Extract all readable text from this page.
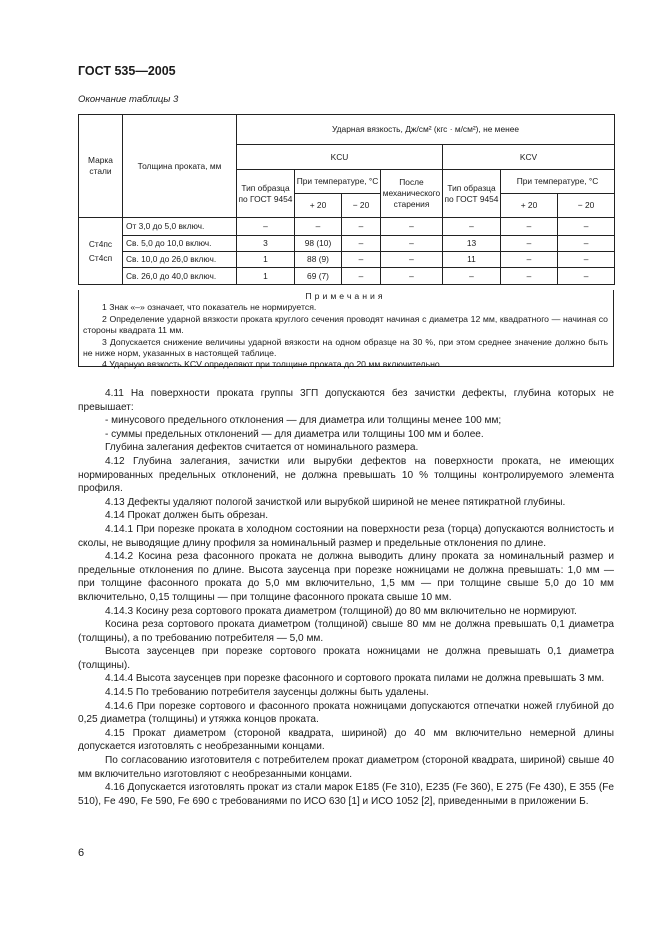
ГОСТ 535—2005
Окончание таблицы 3
Марка стали	Толщина проката, мм	Ударная вязкость, Дж/см² (кгс · м/см²), не менее						
		KCU				KCV		
		Тип образца по ГОСТ 9454	При температуре, °С		После механического старения	Тип образца по ГОСТ 9454	При температуре, °С	
			+ 20	− 20			+ 20	− 20
Ст4пс Ст4сп	От 3,0 до 5,0 включ.	–	–	–	–	–	–	–
	Св. 5,0 до 10,0 включ.	3	98 (10)	–	–	13	–	–
	Св. 10,0 до 26,0 включ.	1	88 (9)	–	–	11	–	–
	Св. 26,0 до 40,0 включ.	1	69 (7)	–	–	–	–	–
Примечания

1 Знак «–» означает, что показатель не нормируется.

2 Определение ударной вязкости проката круглого сечения проводят начиная с диаметра 12 мм, квадратного — начиная со стороны квадрата 11 мм.

3 Допускается снижение величины ударной вязкости на одном образце на 30 %, при этом среднее значение должно быть не ниже норм, указанных в настоящей таблице.

4 Ударную вязкость KCV определяют при толщине проката до 20 мм включительно.

4.11 На поверхности проката группы 3ГП допускаются без зачистки дефекты, глубина которых не превышает:

- минусового предельного отклонения — для диаметра или толщины менее 100 мм;

- суммы предельных отклонений — для диаметра или толщины 100 мм и более.

Глубина залегания дефектов считается от номинального размера.

4.12 Глубина залегания, зачистки или вырубки дефектов на поверхности проката, не имеющих нормированных предельных отклонений, не должна превышать 10 % толщины контролируемого элемента профиля.

4.13 Дефекты удаляют пологой зачисткой или вырубкой шириной не менее пятикратной глубины.

4.14 Прокат должен быть обрезан.

4.14.1 При порезке проката в холодном состоянии на поверхности реза (торца) допускаются волнистость и сколы, не выводящие длину профиля за номинальный размер и предельные отклонения по длине.

4.14.2 Косина реза фасонного проката не должна выводить длину проката за номинальный размер и предельные отклонения по длине. Высота заусенца при порезке ножницами не должна превышать: 1,0 мм — при толщине фасонного проката до 5,0 мм включительно, 1,5 мм — при толщине свыше 5,0 до 10 мм включительно, 0,15 толщины — при толщине фасонного проката свыше 10 мм.

4.14.3 Косину реза сортового проката диаметром (толщиной) до 80 мм включительно не нормируют.

Косина реза сортового проката диаметром (толщиной) свыше 80 мм не должна превышать 0,1 диаметра (толщины), а по требованию потребителя — 5,0 мм.

Высота заусенцев при порезке сортового проката ножницами не должна превышать 0,1 диаметра (толщины).

4.14.4 Высота заусенцев при порезке фасонного и сортового проката пилами не должна превышать 3 мм.

4.14.5 По требованию потребителя заусенцы должны быть удалены.

4.14.6 При порезке сортового и фасонного проката ножницами допускаются отпечатки ножей глубиной до 0,25 диаметра (толщины) и утяжка концов проката.

4.15 Прокат диаметром (стороной квадрата, шириной) до 40 мм включительно немерной длины допускается изготовлять с необрезанными концами.

По согласованию изготовителя с потребителем прокат диаметром (стороной квадрата, шириной) свыше 40 мм включительно изготовляют с необрезанными концами.

4.16 Допускается изготовлять прокат из стали марок Е185 (Fe 310), Е235 (Fe 360), Е 275 (Fe 430), Е 355 (Fe 510), Fe 490, Fe 590, Fe 690 с требованиями по ИСО 630 [1] и ИСО 1052 [2], приведенными в приложении Б.

6
